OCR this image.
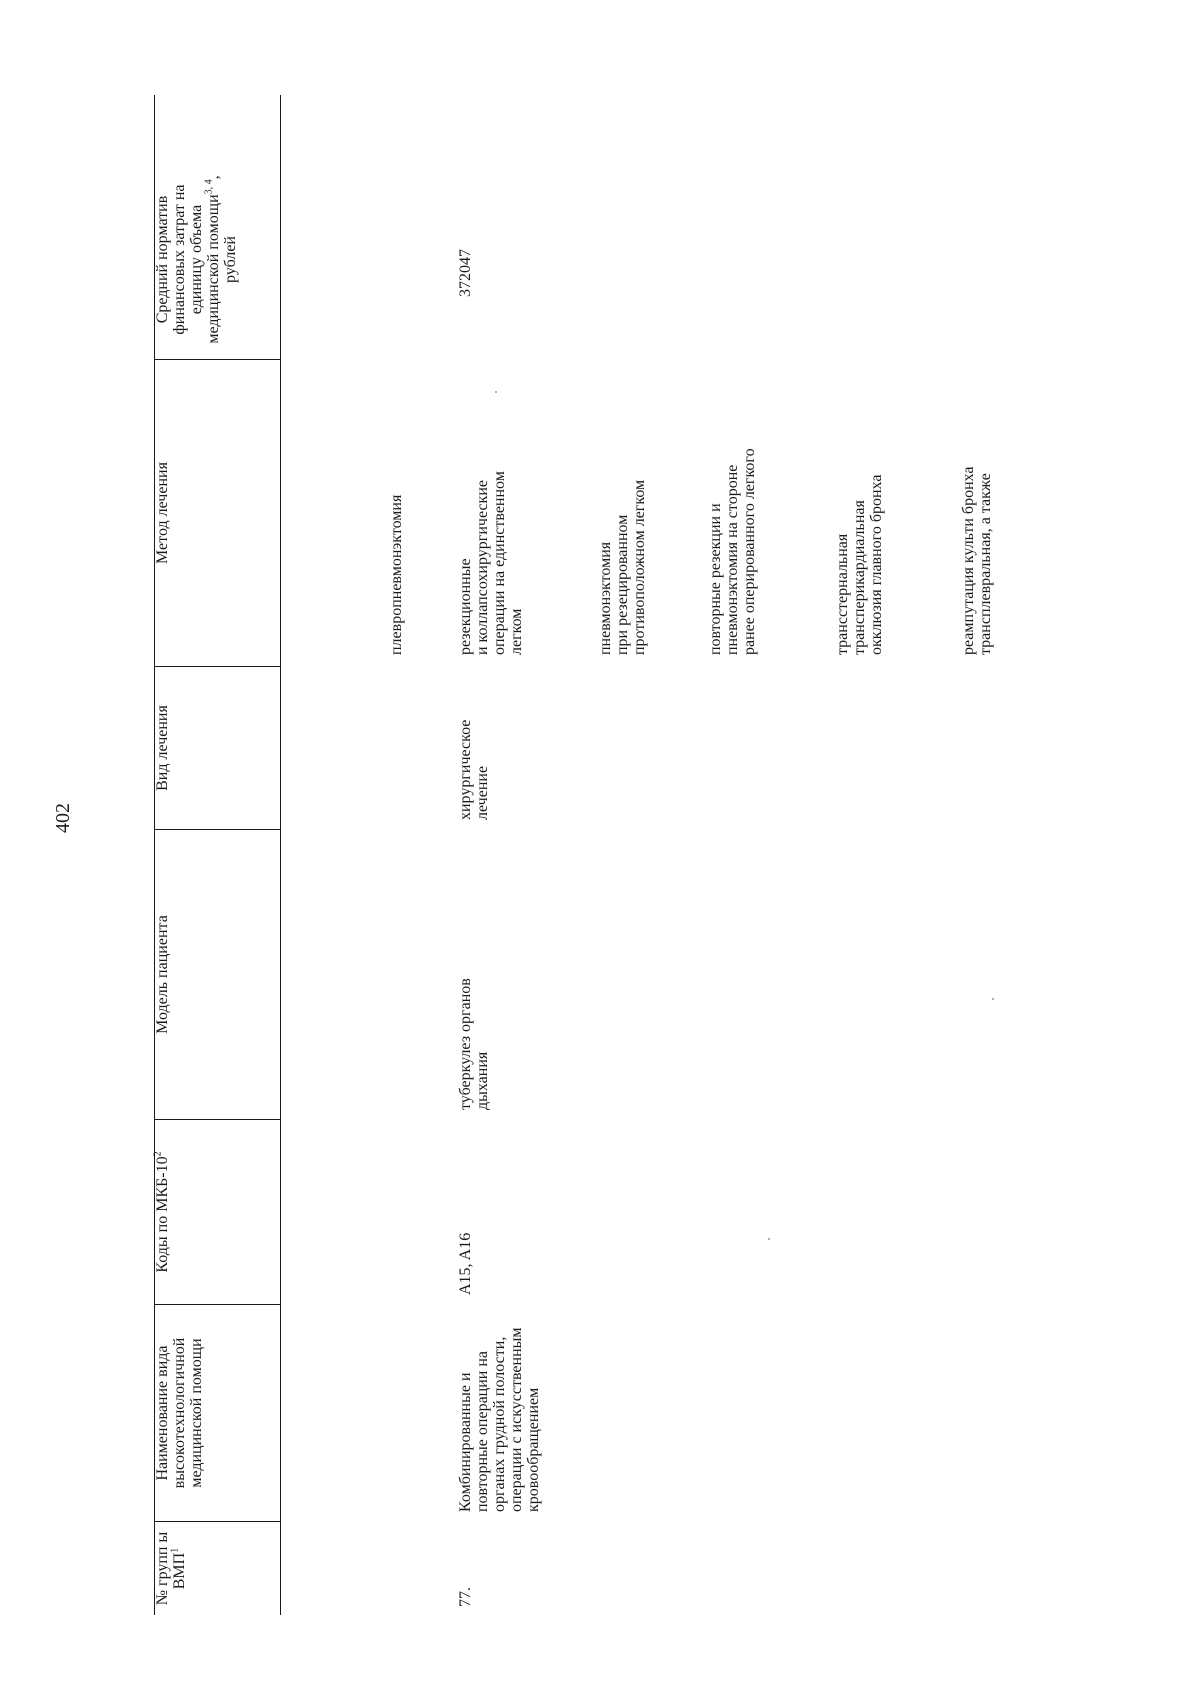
402
№ групп ы ВМП$^1$
Наименование вида высокотехнологичной медицинской помощи
Коды по МКБ-$10^2$
Модель пациента
Вид лечения
Метод лечения
Средний норматив финансовых затрат на единицу объема медицинской помощи$^{3, 4}$, рублей
плевропневмонэктомия
77.
Комбинированные и
повторные операции на
органах грудной полости,
операции с искусственным
кровообращением
A15, A16
туберкулез органов
дыхания
хирургическое
лечение
резекционные
и коллапсохирургические
операции на единственном
легком	пневмонэктомия
при резецированном
противоположном легком
повторные резекции и
пневмонэктомия на стороне
ранее оперированного легкого
трансстернальная
трансперикардиальная
окклюзия главного бронха
реампутация культи бронха
трансплевральная, а также
372047
